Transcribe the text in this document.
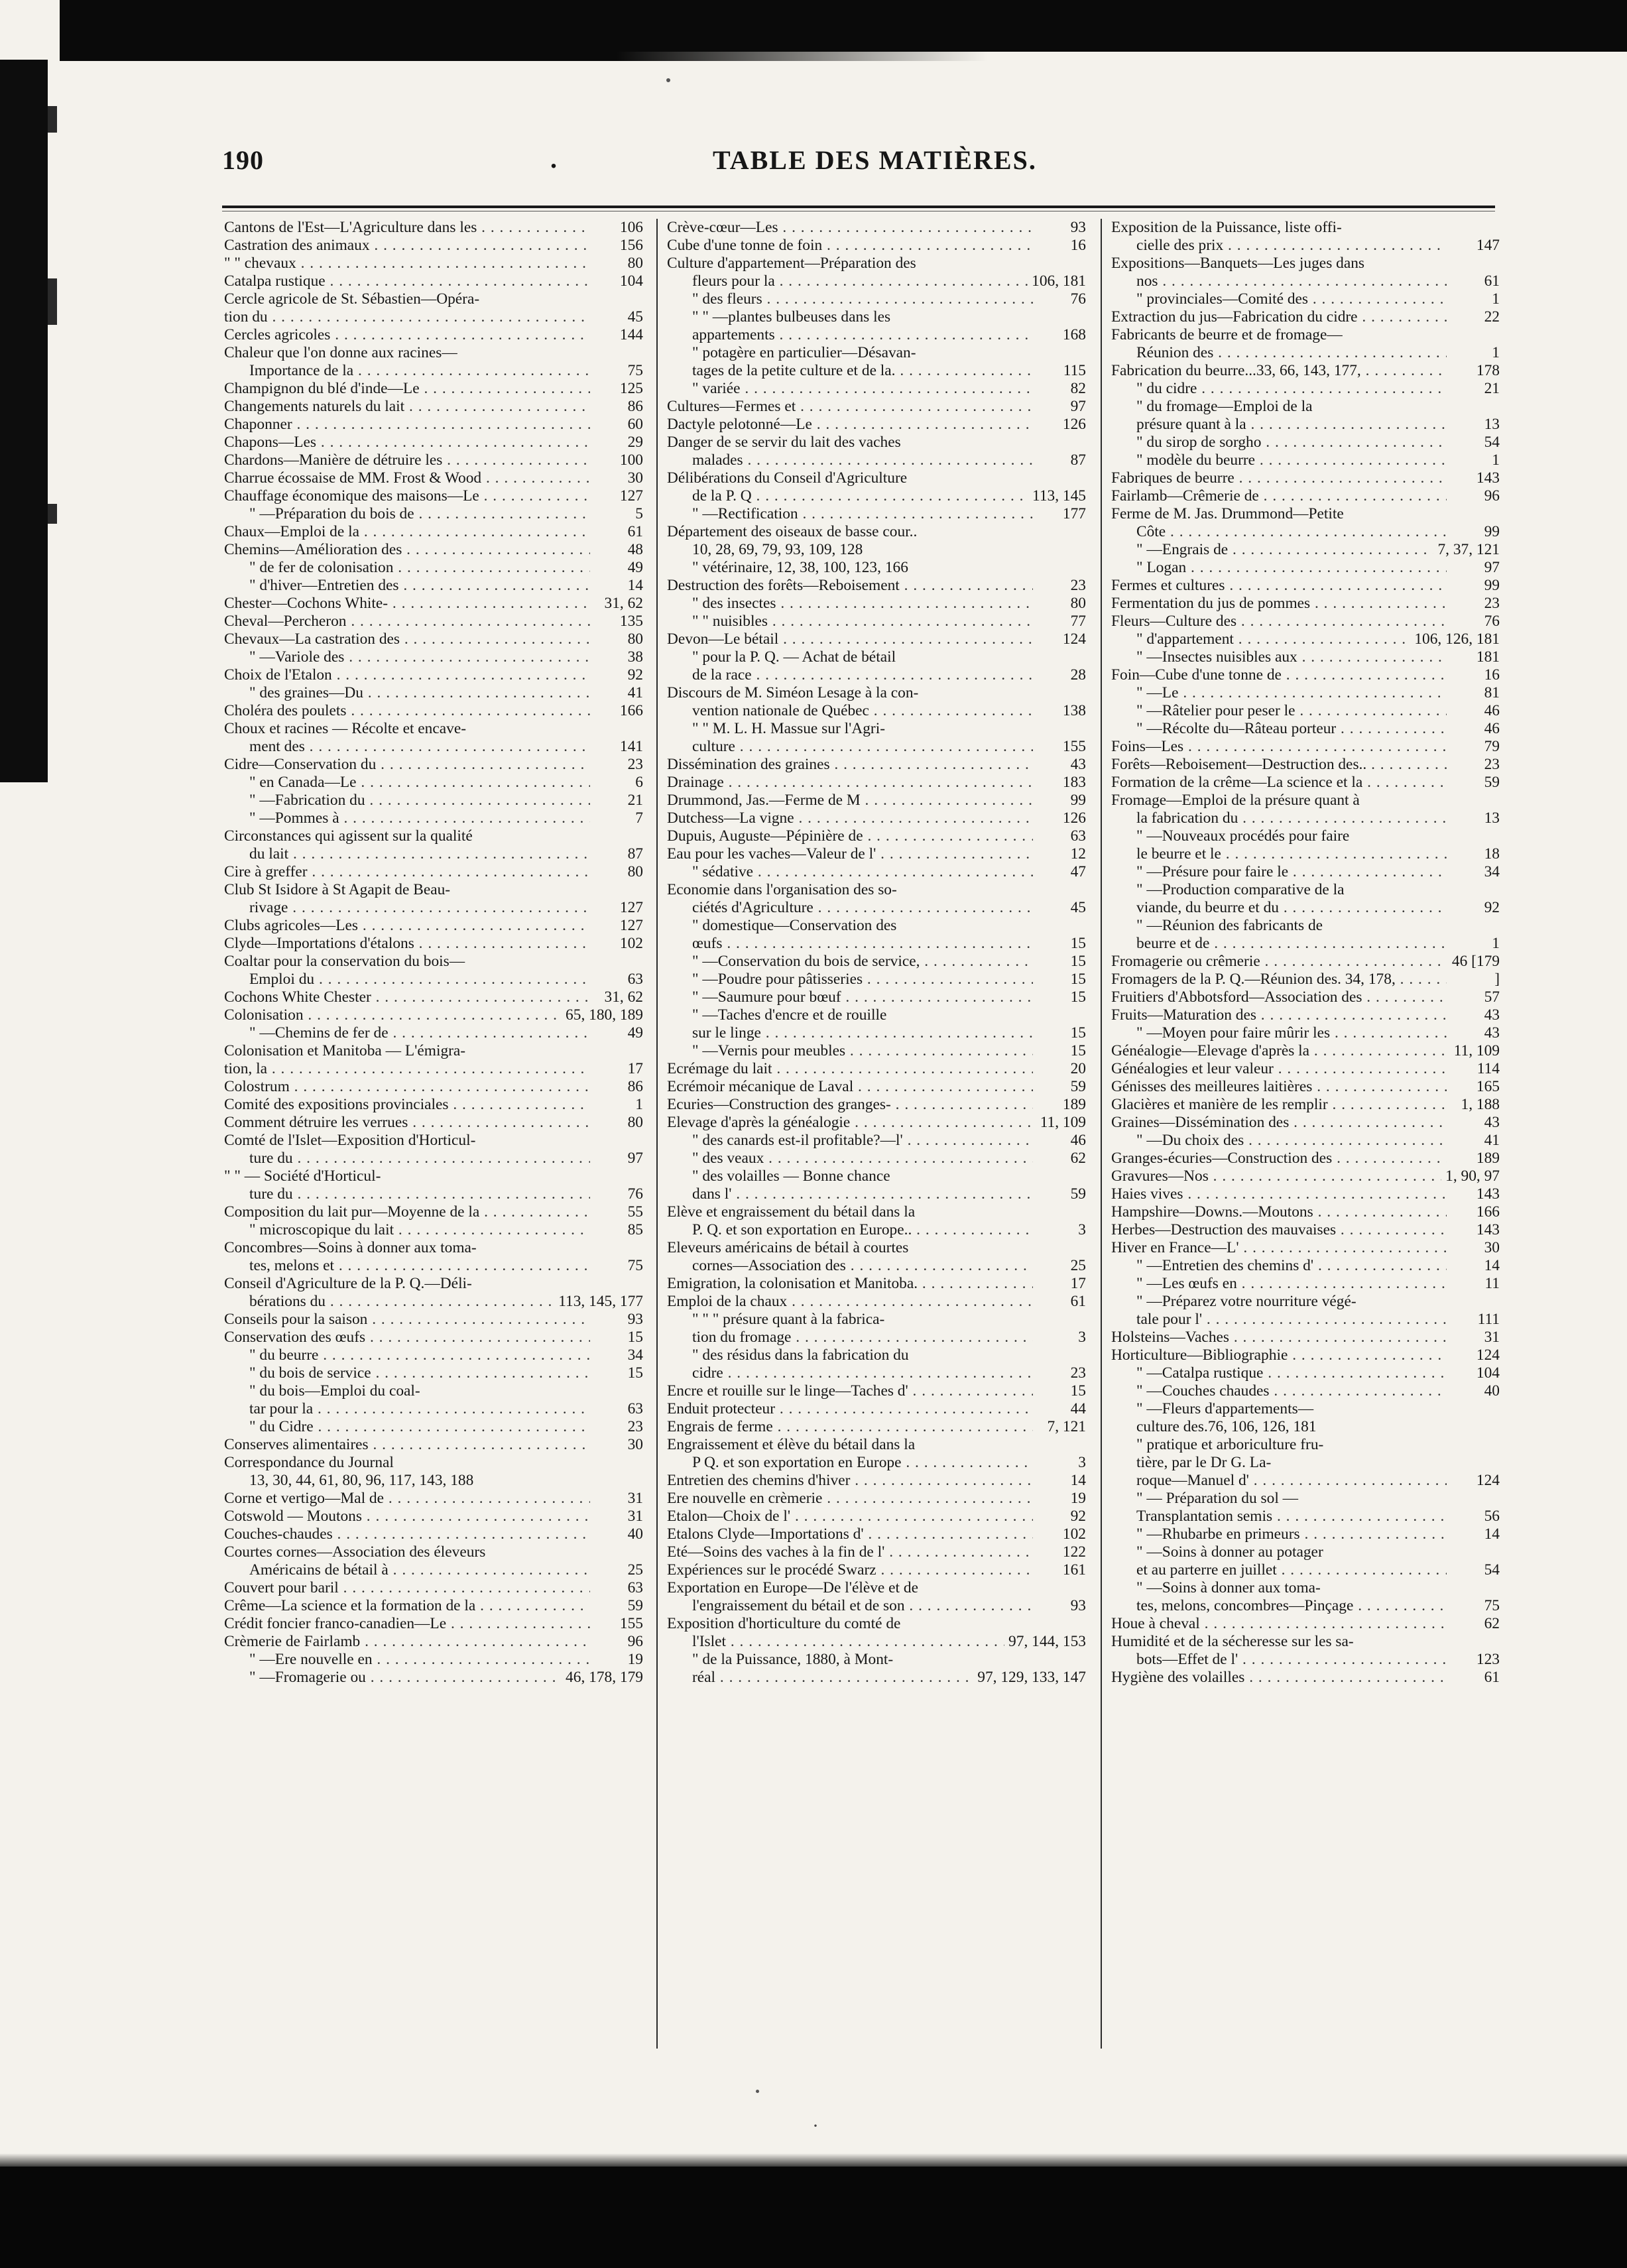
190	.	TABLE DES MATIÈRES.
Cantons de l'Est—L'Agriculture dans les . . .	106
Castration des animaux . . .	156
" " chevaux . . .	80
Catalpa rustique . . .	104
Cercle agricole de St. Sébastien—Opéra-
tion du . . .	45
Cercles agricoles . . .	144
Chaleur que l'on donne aux racines—
Importance de la . . .	75
Champignon du blé d'inde—Le . . .	125
Changements naturels du lait . . .	86
Chaponner . . .	60
Chapons—Les . . .	29
Chardons—Manière de détruire les . . .	100
Charrue écossaise de MM. Frost & Wood . . .	30
Chauffage économique des maisons—Le . . .	127
" —Préparation du bois de . . .	5
Chaux—Emploi de la . . .	61
Chemins—Amélioration des . . .	48
" de fer de colonisation . . .	49
" d'hiver—Entretien des . . .	14
Chester—Cochons White- . . .	31, 62
Cheval—Percheron . . .	135
Chevaux—La castration des . . .	80
" —Variole des . . .	38
Choix de l'Etalon . . .	92
" des graines—Du . . .	41
Choléra des poulets . . .	166
Choux et racines — Récolte et encave-
ment des . . .	141
Cidre—Conservation du . . .	23
" en Canada—Le . . .	6
" —Fabrication du . . .	21
" —Pommes à . . .	7
Circonstances qui agissent sur la qualité
du lait . . .	87
Cire à greffer . . .	80
Club St Isidore à St Agapit de Beau-
rivage . . .	127
Clubs agricoles—Les . . .	127
Clyde—Importations d'étalons . . .	102
Coaltar pour la conservation du bois—
Emploi du . . .	63
Cochons White Chester . . .	31, 62
Colonisation . . .	65, 180, 189
" —Chemins de fer de . . .	49
Colonisation et Manitoba — L'émigra-
tion, la . . .	17
Colostrum . . .	86
Comité des expositions provinciales . . .	1
Comment détruire les verrues . . .	80
Comté de l'Islet—Exposition d'Horticul-
ture du . . .	97
" " — Société d'Horticul-
ture du . . .	76
Composition du lait pur—Moyenne de la . . .	55
" microscopique du lait . . .	85
Concombres—Soins à donner aux toma-
tes, melons et . . .	75
Conseil d'Agriculture de la P. Q.—Déli-
bérations du . . .	113, 145, 177
Conseils pour la saison . . .	93
Conservation des œufs . . .	15
" du beurre . . .	34
" du bois de service . . .	15
" du bois—Emploi du coal-
tar pour la . . .	63
" du Cidre . . .	23
Conserves alimentaires . . .	30
Correspondance du Journal
13, 30, 44, 61, 80, 96, 117, 143, 188
Corne et vertigo—Mal de . . .	31
Cotswold — Moutons . . .	31
Couches-chaudes . . .	40
Courtes cornes—Association des éleveurs
Américains de bétail à . . .	25
Couvert pour baril . . .	63
Crême—La science et la formation de la . . .	59
Crédit foncier franco-canadien—Le . . .	155
Crèmerie de Fairlamb . . .	96
" —Ere nouvelle en . . .	19
" —Fromagerie ou . . .	46, 178, 179
Crève-cœur—Les . . .	93
Cube d'une tonne de foin . . .	16
Culture d'appartement—Préparation des
fleurs pour la . . .	106, 181
" des fleurs . . .	76
" " —plantes bulbeuses dans les
appartements . . .	168
" potagère en particulier—Désavan-
tages de la petite culture et de la. . . .	115
" variée . . .	82
Cultures—Fermes et . . .	97
Dactyle pelotonné—Le . . .	126
Danger de se servir du lait des vaches
malades . . .	87
Délibérations du Conseil d'Agriculture
de la P. Q . . .	113, 145
" —Rectification . . .	177
Département des oiseaux de basse cour..
10, 28, 69, 79, 93, 109, 128
" vétérinaire, 12, 38, 100, 123, 166
Destruction des forêts—Reboisement . . .	23
" des insectes . . .	80
" " nuisibles . . .	77
Devon—Le bétail . . .	124
" pour la P. Q. — Achat de bétail
de la race . . .	28
Discours de M. Siméon Lesage à la con-
vention nationale de Québec . . .	138
" " M. L. H. Massue sur l'Agri-
culture . . .	155
Dissémination des graines . . .	43
Drainage . . .	183
Drummond, Jas.—Ferme de M . . .	99
Dutchess—La vigne . . .	126
Dupuis, Auguste—Pépinière de . . .	63
Eau pour les vaches—Valeur de l' . . .	12
" sédative . . .	47
Economie dans l'organisation des so-
ciétés d'Agriculture . . .	45
" domestique—Conservation des
œufs . . .	15
" —Conservation du bois de service, . . .	15
" —Poudre pour pâtisseries . . .	15
" —Saumure pour bœuf . . .	15
" —Taches d'encre et de rouille
sur le linge . . .	15
" —Vernis pour meubles . . .	15
Ecrémage du lait . . .	20
Ecrémoir mécanique de Laval . . .	59
Ecuries—Construction des granges- . . .	189
Elevage d'après la généalogie . . .	11, 109
" des canards est-il profitable?—l' . . .	46
" des veaux . . .	62
" des volailles — Bonne chance
dans l' . . .	59
Elève et engraissement du bétail dans la
P. Q. et son exportation en Europe.. . . .	3
Eleveurs américains de bétail à courtes
cornes—Association des . . .	25
Emigration, la colonisation et Manitoba. . . .	17
Emploi de la chaux . . .	61
" " " présure quant à la fabrica-
tion du fromage . . .	3
" des résidus dans la fabrication du
cidre . . .	23
Encre et rouille sur le linge—Taches d' . . .	15
Enduit protecteur . . .	44
Engrais de ferme . . .	7, 121
Engraissement et élève du bétail dans la
P Q. et son exportation en Europe . . .	3
Entretien des chemins d'hiver . . .	14
Ere nouvelle en crèmerie . . .	19
Etalon—Choix de l' . . .	92
Etalons Clyde—Importations d' . . .	102
Eté—Soins des vaches à la fin de l' . . .	122
Expériences sur le procédé Swarz . . .	161
Exportation en Europe—De l'élève et de
l'engraissement du bétail et de son . . .	93
Exposition d'horticulture du comté de
l'Islet . . .	97, 144, 153
" de la Puissance, 1880, à Mont-
réal . . .	97, 129, 133, 147
Exposition de la Puissance, liste offi-
cielle des prix . . .	147
Expositions—Banquets—Les juges dans
nos . . .	61
" provinciales—Comité des . . .	1
Extraction du jus—Fabrication du cidre . . .	22
Fabricants de beurre et de fromage—
Réunion des . . .	1
Fabrication du beurre...33, 66, 143, 177, . . .	178
" du cidre . . .	21
" du fromage—Emploi de la
présure quant à la . . .	13
" du sirop de sorgho . . .	54
" modèle du beurre . . .	1
Fabriques de beurre . . .	143
Fairlamb—Crêmerie de . . .	96
Ferme de M. Jas. Drummond—Petite
Côte . . .	99
" —Engrais de . . .	7, 37, 121
" Logan . . .	97
Fermes et cultures . . .	99
Fermentation du jus de pommes . . .	23
Fleurs—Culture des . . .	76
" d'appartement . . .	106, 126, 181
" —Insectes nuisibles aux . . .	181
Foin—Cube d'une tonne de . . .	16
" —Le . . .	81
" —Râtelier pour peser le . . .	46
" —Récolte du—Râteau porteur . . .	46
Foins—Les . . .	79
Forêts—Reboisement—Destruction des.. . . .	23
Formation de la crême—La science et la . . .	59
Fromage—Emploi de la présure quant à
la fabrication du . . .	13
" —Nouveaux procédés pour faire
le beurre et le . . .	18
" —Présure pour faire le . . .	34
" —Production comparative de la
viande, du beurre et du . . .	92
" —Réunion des fabricants de
beurre et de . . .	1
Fromagerie ou crêmerie . . .	46 [179
Fromagers de la P. Q.—Réunion des. 34, 178, . . .	]
Fruitiers d'Abbotsford—Association des . . .	57
Fruits—Maturation des . . .	43
" —Moyen pour faire mûrir les . . .	43
Généalogie—Elevage d'après la . . .	11, 109
Généalogies et leur valeur . . .	114
Génisses des meilleures laitières . . .	165
Glacières et manière de les remplir . . .	1, 188
Graines—Dissémination des . . .	43
" —Du choix des . . .	41
Granges-écuries—Construction des . . .	189
Gravures—Nos . . .	1, 90, 97
Haies vives . . .	143
Hampshire—Downs.—Moutons . . .	166
Herbes—Destruction des mauvaises . . .	143
Hiver en France—L' . . .	30
" —Entretien des chemins d' . . .	14
" —Les œufs en . . .	11
" —Préparez votre nourriture végé-
tale pour l' . . .	111
Holsteins—Vaches . . .	31
Horticulture—Bibliographie . . .	124
" —Catalpa rustique . . .	104
" —Couches chaudes . . .	40
" —Fleurs d'appartements—
culture des.76, 106, 126, 181
" pratique et arboriculture fru-
tière, par le Dr G. La-
roque—Manuel d' . . .	124
" — Préparation du sol —
Transplantation semis . . .	56
" —Rhubarbe en primeurs . . .	14
" —Soins à donner au potager
et au parterre en juillet . . .	54
" —Soins à donner aux toma-
tes, melons, concombres—Pinçage . . .	75
Houe à cheval . . .	62
Humidité et de la sécheresse sur les sa-
bots—Effet de l' . . .	123
Hygiène des volailles . . .	61
·
